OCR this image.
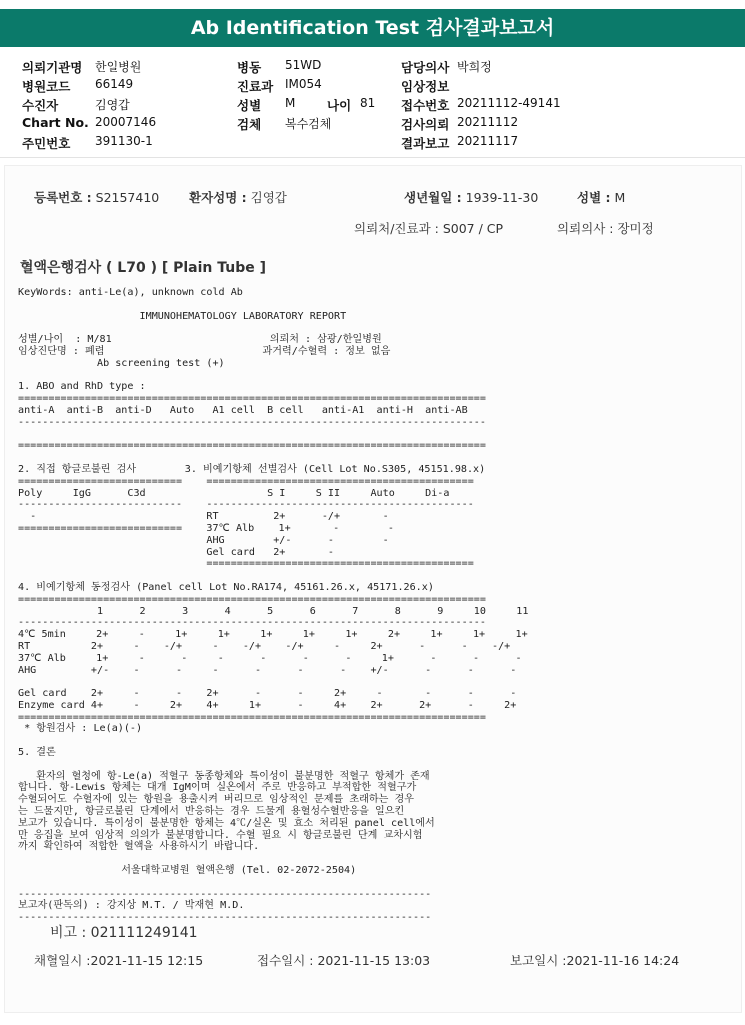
Ab Identification Test 검사결과보고서
의뢰기관명 한일병원
병원코드 66149
수진자	김영갑
Chart No. 20007146
주민번호 391130-1
병동 51WD
진료과 IM054
성별 M	나이 81
검체 복수검체
담당의사 박희정
임상정보
접수번호 20211112-49141
검사의뢰 20211112
결과보고 20211117
등록번호 : S2157410 환자성명 : 김영갑	생년월일 : 1939-11-30	성별 : M
의뢰처/진료과 : S007 / CP	의뢰의사 : 장미정
혈액은행검사 ( L70 ) [ Plain Tube ]
KeyWords: anti-Le(a), unknown cold Ab

IMMUNOHEMATOLOGY LABORATORY REPORT

성별/나이  : M/81                          의뢰처 : 삼광/한일병원
임상진단명 : 폐렴                          과거력/수혈력 : 정보 없음
Ab screening test (+)

1. ABO and RhD type :
=============================================================================
anti-A  anti-B  anti-D   Auto   A1 cell  B cell   anti-A1  anti-H  anti-AB
-----------------------------------------------------------------------------

=============================================================================

2. 직접 항글로불린 검사        3. 비예기항체 선별검사 (Cell Lot No.S305, 45151.98.x)
===========================    ============================================
Poly     IgG      C3d                    S I     S II     Auto     Di-a
---------------------------    --------------------------------------------
-                            RT         2+      -/+       -
===========================    37℃ Alb    1+       -        -
AHG        +/-      -        -
Gel card   2+       -
============================================

4. 비예기항체 동정검사 (Panel cell Lot No.RA174, 45161.26.x, 45171.26.x)
=============================================================================
1      2      3      4      5      6      7      8      9     10     11
-----------------------------------------------------------------------------
4℃ 5min     2+     -     1+     1+     1+     1+     1+     2+     1+     1+     1+
RT          2+     -    -/+     -    -/+    -/+     -     2+      -      -    -/+
37℃ Alb     1+     -      -     -      -      -      -     1+      -      -      -
AHG         +/-    -      -     -      -      -      -    +/-      -      -      -

Gel card    2+     -      -    2+      -      -     2+     -       -      -      -
Enzyme card 4+     -     2+    4+     1+      -     4+    2+      2+      -     2+
=============================================================================
* 항원검사 : Le(a)(-)

5. 결론

환자의 혈청에 항-Le(a) 적혈구 동종항체와 특이성이 불분명한 적혈구 항체가 존재
합니다. 항-Lewis 항체는 대개 IgM이며 실온에서 주로 반응하고 부적합한 적혈구가
수혈되어도 수혈자에 있는 항원을 용출시켜 버리므로 임상적인 문제를 초래하는 경우
는 드물지만, 항글로불린 단계에서 반응하는 경우 드물게 용혈성수혈반응을 일으킨
보고가 있습니다. 특이성이 불분명한 항체는 4℃/실온 및 효소 처리된 panel cell에서
만 응집을 보여 임상적 의의가 불분명합니다. 수혈 필요 시 항글로불린 단계 교차시험
까지 확인하여 적합한 혈액을 사용하시기 바랍니다.

서울대학교병원 혈액은행 (Tel. 02-2072-2504)

--------------------------------------------------------------------
보고자(판독의) : 강지상 M.T. / 박재현 M.D.
--------------------------------------------------------------------
비고 : 021111249141
채혈일시 :2021-11-15 12:15	접수일시 : 2021-11-15 13:03	보고일시 :2021-11-16 14:24
